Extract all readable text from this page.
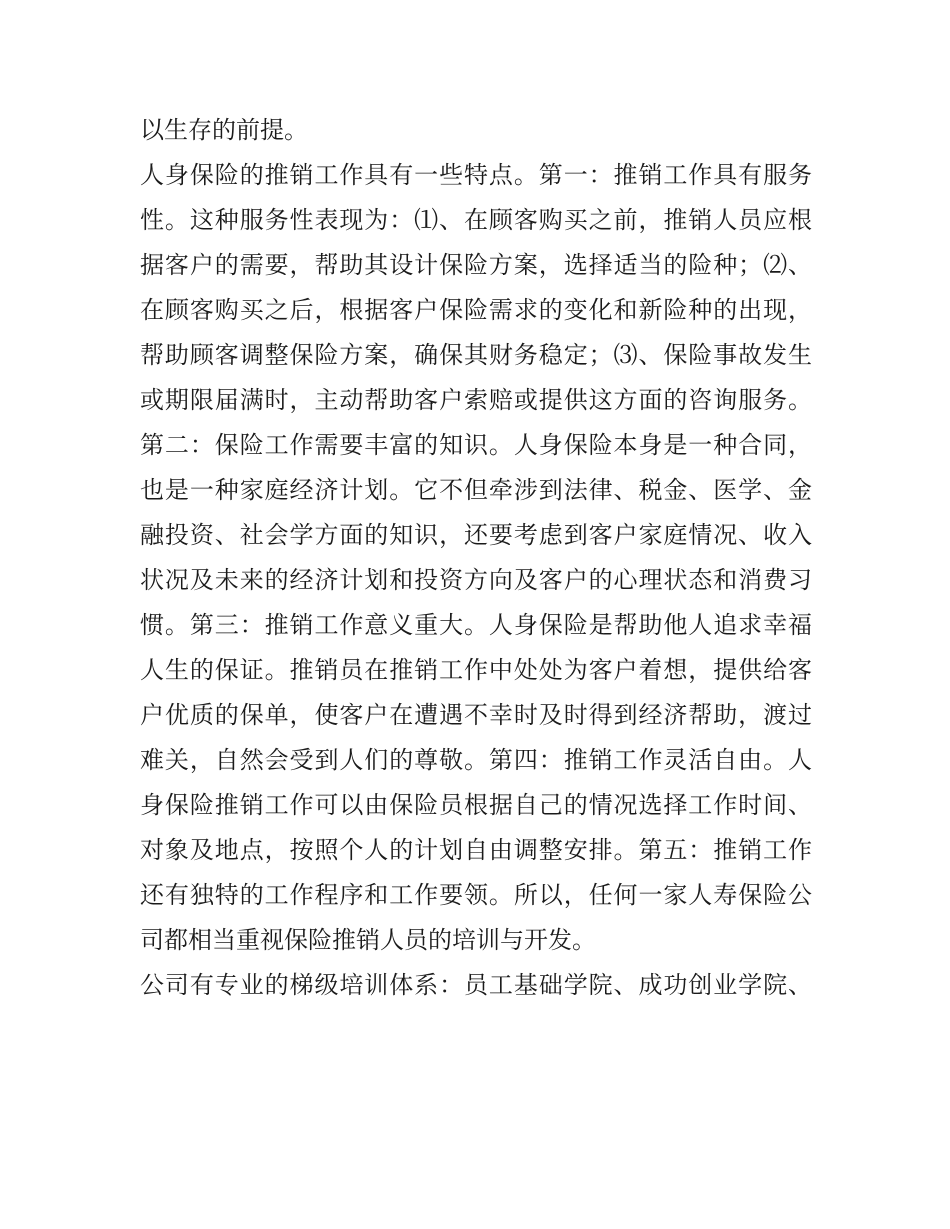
以生存的前提。
人身保险的推销工作具有一些特点。第一：推销工作具有服务
性。这种服务性表现为：⑴、在顾客购买之前，推销人员应根
据客户的需要，帮助其设计保险方案，选择适当的险种；⑵、
在顾客购买之后，根据客户保险需求的变化和新险种的出现，
帮助顾客调整保险方案，确保其财务稳定；⑶、保险事故发生
或期限届满时，主动帮助客户索赔或提供这方面的咨询服务。
第二：保险工作需要丰富的知识。人身保险本身是一种合同，
也是一种家庭经济计划。它不但牵涉到法律、税金、医学、金
融投资、社会学方面的知识，还要考虑到客户家庭情况、收入
状况及未来的经济计划和投资方向及客户的心理状态和消费习
惯。第三：推销工作意义重大。人身保险是帮助他人追求幸福
人生的保证。推销员在推销工作中处处为客户着想，提供给客
户优质的保单，使客户在遭遇不幸时及时得到经济帮助，渡过
难关，自然会受到人们的尊敬。第四：推销工作灵活自由。人
身保险推销工作可以由保险员根据自己的情况选择工作时间、
对象及地点，按照个人的计划自由调整安排。第五：推销工作
还有独特的工作程序和工作要领。所以，任何一家人寿保险公
司都相当重视保险推销人员的培训与开发。
公司有专业的梯级培训体系：员工基础学院、成功创业学院、
